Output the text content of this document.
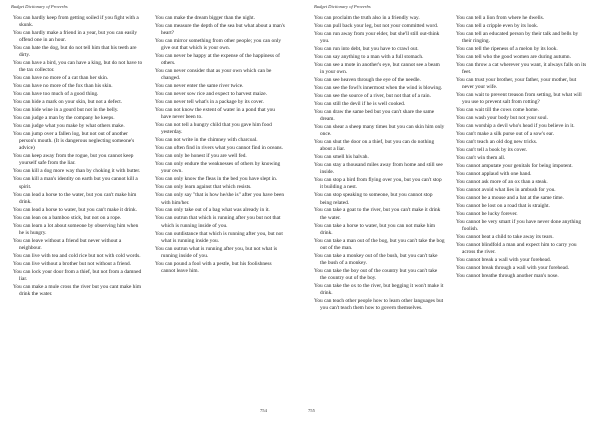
Budget Dictionary of Proverbs

You can hardly keep from getting soiled if you fight with a skunk.

You can hardly make a friend in a year, but you can easily offend one in an hour.

You can hate the dog, but do not tell him that his teeth are dirty.

You can have a bird, you can have a king, but do not have to the tax collector.

You can have no more of a cat than her skin.

You can have no more of the fox than his skin.

You can have too much of a good thing.

You can hide a mark on your skin, but not a defect.

You can hide wine in a gourd but not in the belly.

You can judge a man by the company he keeps.

You can judge what you make by what others make.

You can jump over a fallen log, but not out of another person's mouth. (It is dangerous neglecting someone's advice)

You can keep away from the rogue, but you cannot keep yourself safe from the liar.

You can kill a dog more way than by choking it with butter.

You can kill a man's identity on earth but you cannot kill a spirit.

You can lead a horse to the water, but you can't make him drink.

You can lead a horse to water, but you can't make it drink.

You can lean on a bamboo stick, but not on a rope.

You can learn a lot about someone by observing him when he is hungry.

You can leave without a friend but never without a neighbour.

You can live with tea and cold rice but not with cold words.

You can live without a brother but not without a friend.

You can lock your door from a thief, but not from a damned liar.

You can make a mule cross the river but you cant make him drink the water.

You can make the dream bigger than the night.

You can measure the depth of the sea but what about a man's heart?

You can mirror something from other people; you can only give out that which is your own.

You can never be happy at the expense of the happiness of others.

You can never consider that as your own which can be changed.

You can never enter the same river twice.

You can never sow rice and expect to harvest maize.

You can never tell what's in a package by its cover.

You can not know the extent of water in a pond that you have never been to.

You can not tell a hungry child that you gave him food yesterday.

You can not write in the chimney with charcoal.

You can often find in rivers what you cannot find in oceans.

You can only be honest if you are well fed.

You can only endure the weaknesses of others by knowing your own.

You can only know the fleas in the bed you have slept in.

You can only learn against that which resists.

You can only say "that is how he/she is" after you have been with him/her.

You can only take out of a bag what was already in it.

You can outrun that which is running after you but not that which is running inside of you.

You can outdistance that which is running after you, but not what is running inside you.

You can outrun what is running after you, but not what is running inside of you.

You can pound a fool with a pestle, but his foolishness cannot leave him.

754
Budget Dictionary of Proverbs

You can proclaim the truth also in a friendly way.

You can pull back your leg, but not your committed word.

You can run away from your elder, but she'll still out-think you.

You can run into debt, but you have to crawl out.

You can say anything to a man with a full stomach.

You can see a mote in another's eye, but cannot see a beam in your own.

You can see heaven through the eye of the needle.

You can see the fowl's innermost when the wind is blowing.

You can see the source of a river, but not that of a rain.

You can still the devil if he is well cooked.

You can draw the same bed but you can't share the same dream.

You can shear a sheep many times but you can skin him only once.

You can shut the door on a thief, but you can do nothing about a liar.

You can smell his halvah.

You can stay a thousand miles away from home and still see inside.

You can stop a bird from flying over you, but you can't stop it building a nest.

You can stop speaking to someone, but you cannot stop being related.

You can take a goat to the river, but you can't make it drink the water.

You can take a horse to water, but you can not make him drink.

You can take a man out of the bog, but you can't take the bog out of the man.

You can take a monkey out of the bush, but you can't take the bush of a monkey.

You can take the boy out of the country but you can't take the country out of the boy.

You can take the ox to the river, but begging it won't make it drink.

You can teach other people how to learn other languages but you can't teach them how to govern themselves.

You can tell a lion from where he dwells.

You can tell a cripple even by its look.

You can tell an educated person by their talk and bells by their ringing.

You can tell the ripeness of a melon by its look.

You can tell who the good women are during autumn.

You can throw a cat wherever you want, it always falls on its feet.

You can trust your brother, your father, your mother, but never your wife.

You can wait to prevent treason from setting, but what will you use to prevent salt from rotting?

You can wait till the cows come home.

You can wash your body but not your soul.

You can worship a devil who's head if you believe in it.

You can't make a silk purse out of a sow's ear.

You can't teach an old dog new tricks.

You can't tell a book by its cover.

You can't win them all.

You cannot amputate your genitals for being impotent.

You cannot applaud with one hand.

You cannot ask more of an ox than a steak.

You cannot avoid what lies in ambush for you.

You cannot be a mouse and a bat at the same time.

You cannot be lost on a road that is straight.

You cannot be lucky forever.

You cannot be very smart if you have never done anything foolish.

You cannot beat a child to take away its tears.

You cannot blindfold a man and expect him to carry you across the river.

You cannot break a wall with your forehead.

You cannot break through a wall with your forehead.

You cannot breathe through another man's nose.

755
